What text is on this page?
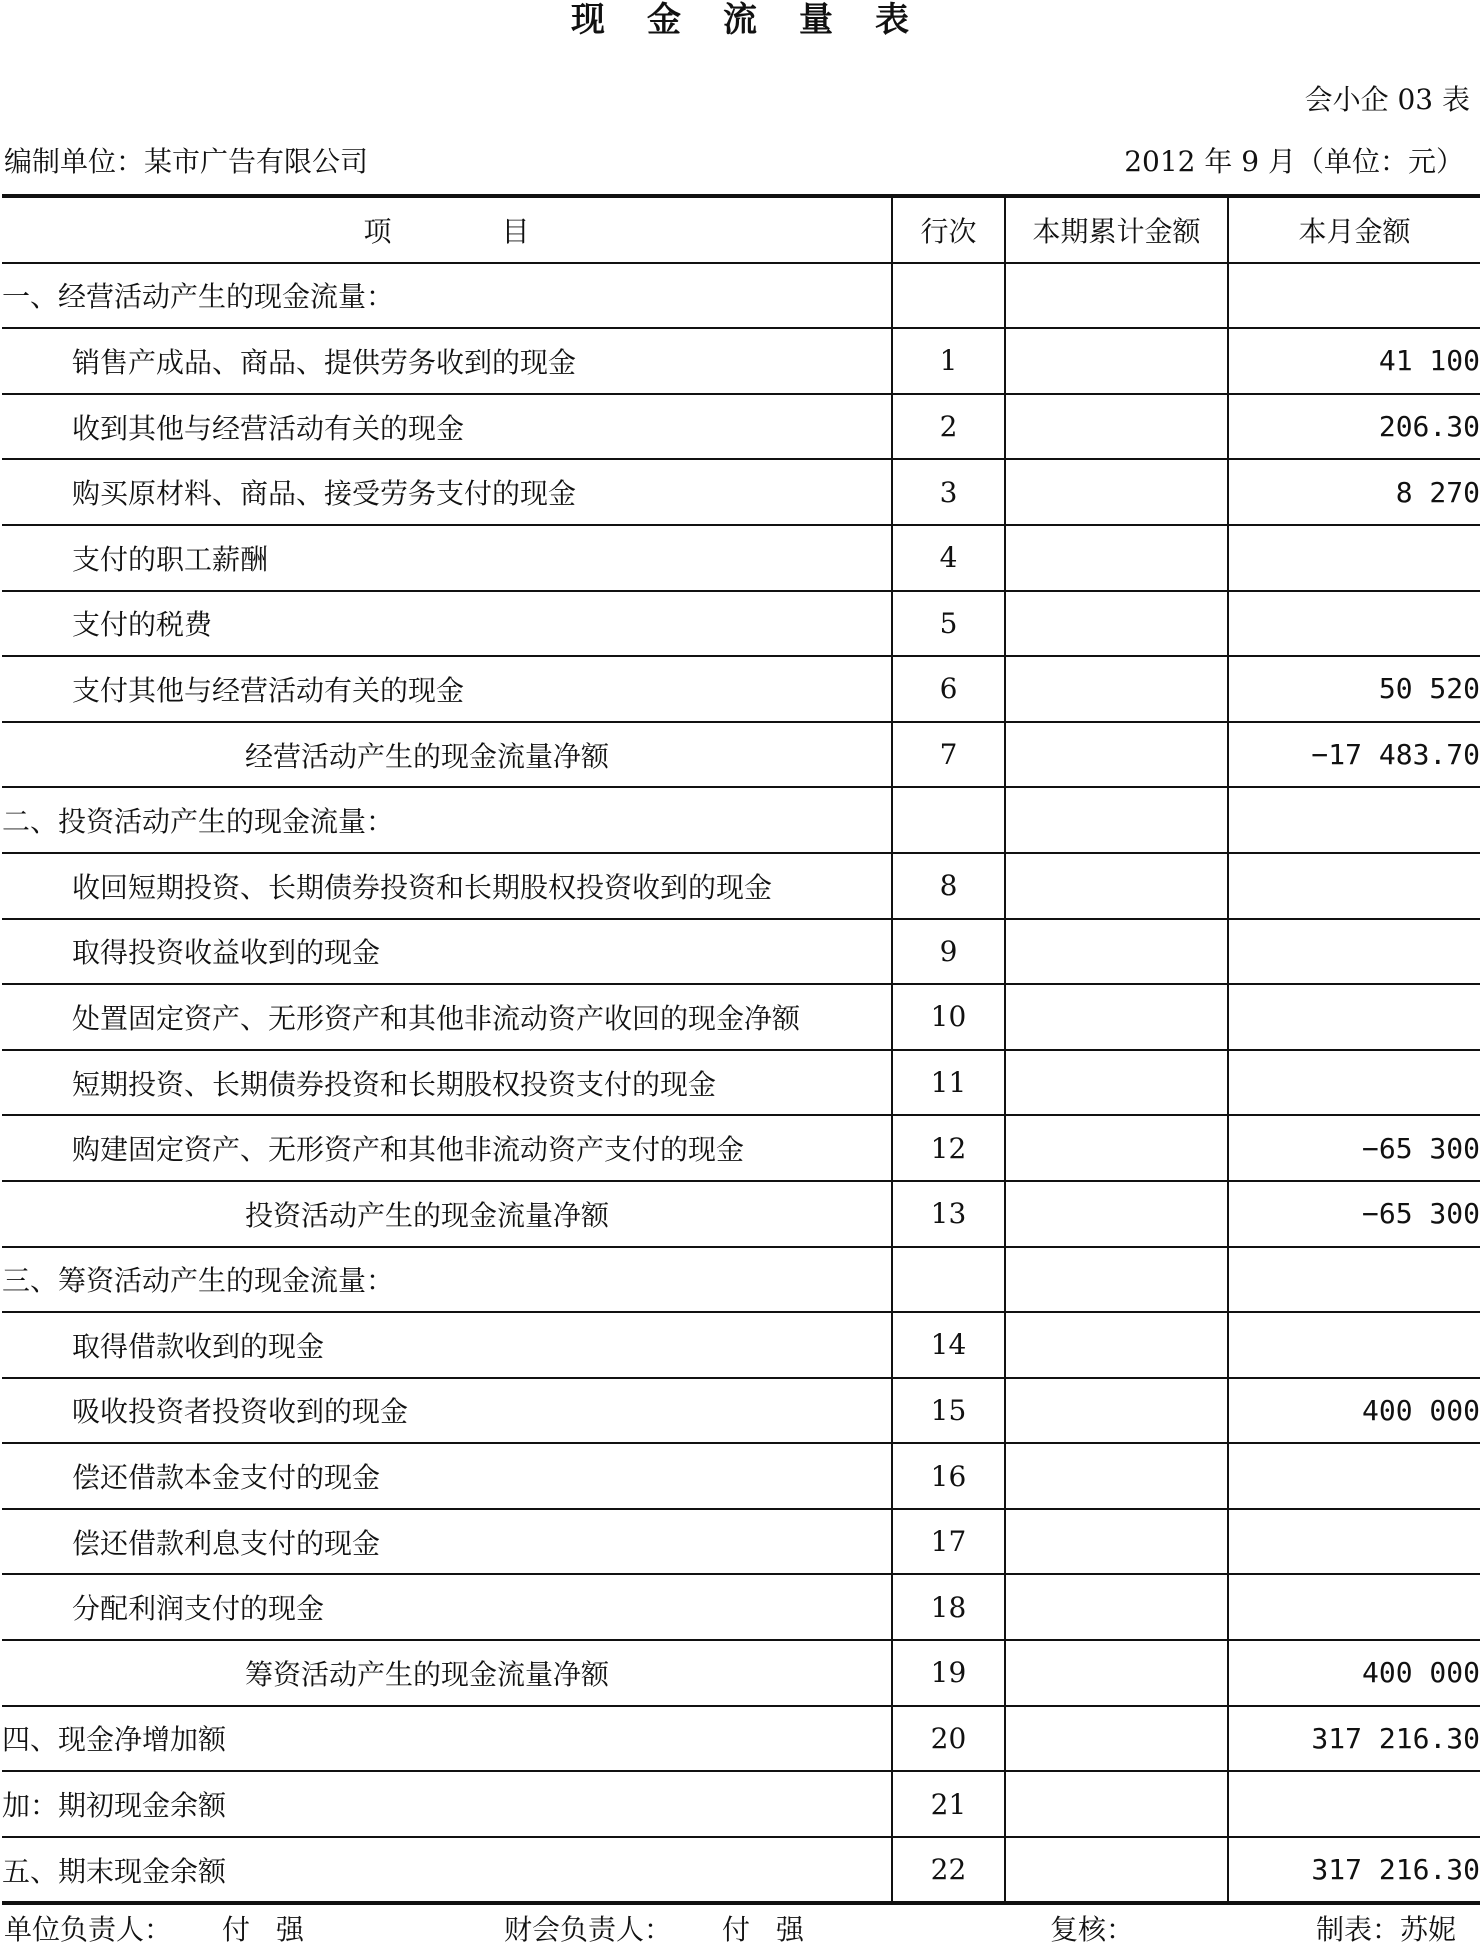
现金流量表
会小企 03 表
编制单位：某市广告有限公司	2012 年 9 月（单位：元）
项 目	行次	本期累计金额	本月金额
一、经营活动产生的现金流量：			
销售产成品、商品、提供劳务收到的现金	1		41 100
收到其他与经营活动有关的现金	2		206.30
购买原材料、商品、接受劳务支付的现金	3		8 270
支付的职工薪酬	4		
支付的税费	5		
支付其他与经营活动有关的现金	6		50 520
经营活动产生的现金流量净额	7		−17 483.70
二、投资活动产生的现金流量：			
收回短期投资、长期债券投资和长期股权投资收到的现金	8		
取得投资收益收到的现金	9		
处置固定资产、无形资产和其他非流动资产收回的现金净额	10		
短期投资、长期债券投资和长期股权投资支付的现金	11		
购建固定资产、无形资产和其他非流动资产支付的现金	12		−65 300
投资活动产生的现金流量净额	13		−65 300
三、筹资活动产生的现金流量：			
取得借款收到的现金	14		
吸收投资者投资收到的现金	15		400 000
偿还借款本金支付的现金	16		
偿还借款利息支付的现金	17		
分配利润支付的现金	18		
筹资活动产生的现金流量净额	19		400 000
四、现金净增加额	20		317 216.30
加：期初现金余额	21		
五、期末现金余额	22		317 216.30
单位负责人： 付强	财会负责人： 付强	复核：	制表：苏妮
